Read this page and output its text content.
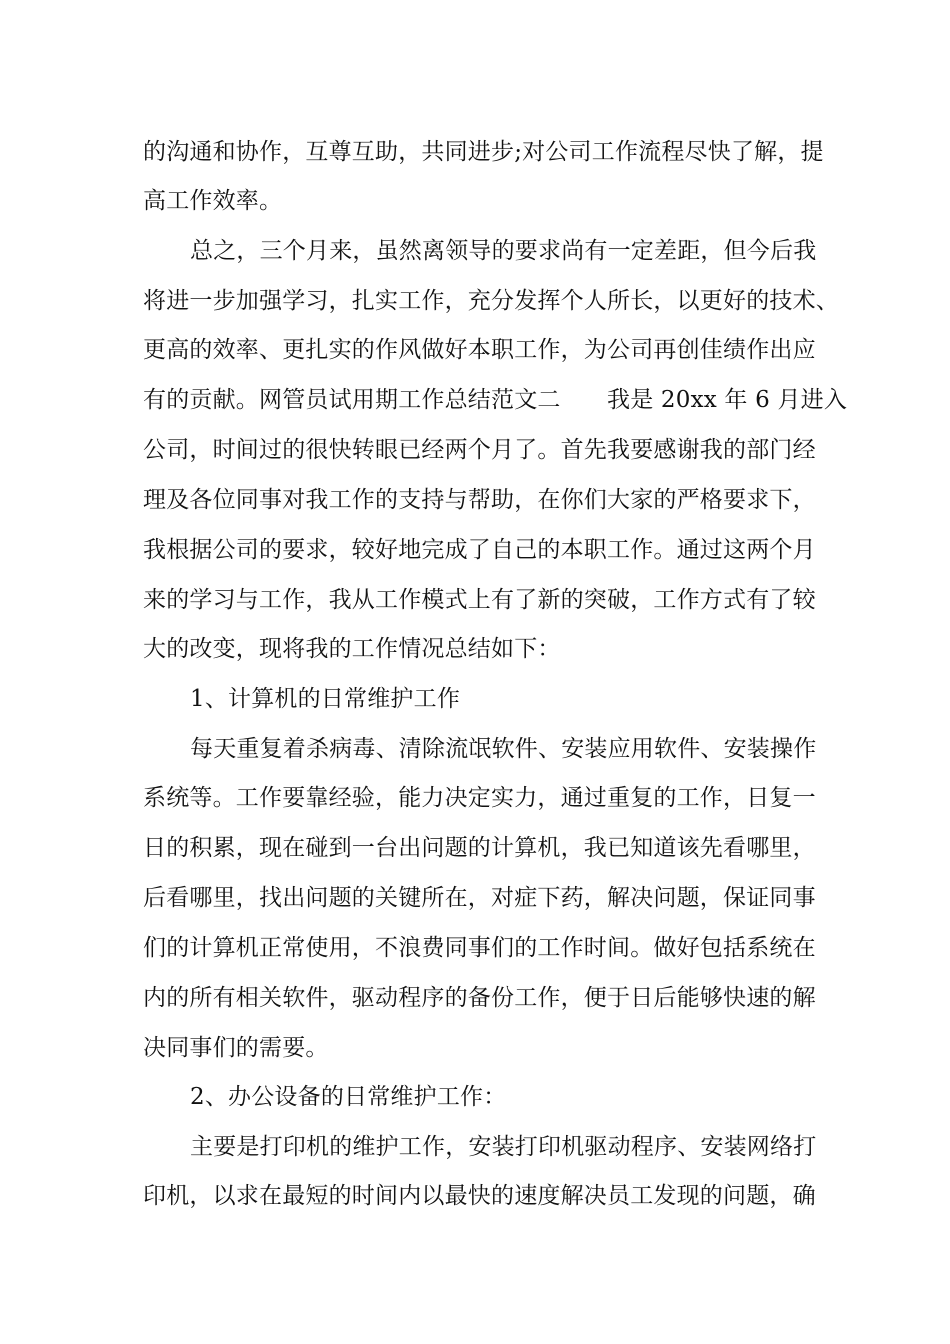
的沟通和协作，互尊互助，共同进步;对公司工作流程尽快了解，提
高工作效率。
总之，三个月来，虽然离领导的要求尚有一定差距，但今后我
将进一步加强学习，扎实工作，充分发挥个人所长，以更好的技术、
更高的效率、更扎实的作风做好本职工作，为公司再创佳绩作出应
有的贡献。网管员试用期工作总结范文二　　我是 20xx 年 6 月进入
公司，时间过的很快转眼已经两个月了。首先我要感谢我的部门经
理及各位同事对我工作的支持与帮助，在你们大家的严格要求下，
我根据公司的要求，较好地完成了自己的本职工作。通过这两个月
来的学习与工作，我从工作模式上有了新的突破，工作方式有了较
大的改变，现将我的工作情况总结如下：
1、计算机的日常维护工作
每天重复着杀病毒、清除流氓软件、安装应用软件、安装操作
系统等。工作要靠经验，能力决定实力，通过重复的工作，日复一
日的积累，现在碰到一台出问题的计算机，我已知道该先看哪里，
后看哪里，找出问题的关键所在，对症下药，解决问题，保证同事
们的计算机正常使用，不浪费同事们的工作时间。做好包括系统在
内的所有相关软件，驱动程序的备份工作，便于日后能够快速的解
决同事们的需要。
2、办公设备的日常维护工作：
主要是打印机的维护工作，安装打印机驱动程序、安装网络打
印机，以求在最短的时间内以最快的速度解决员工发现的问题，确
